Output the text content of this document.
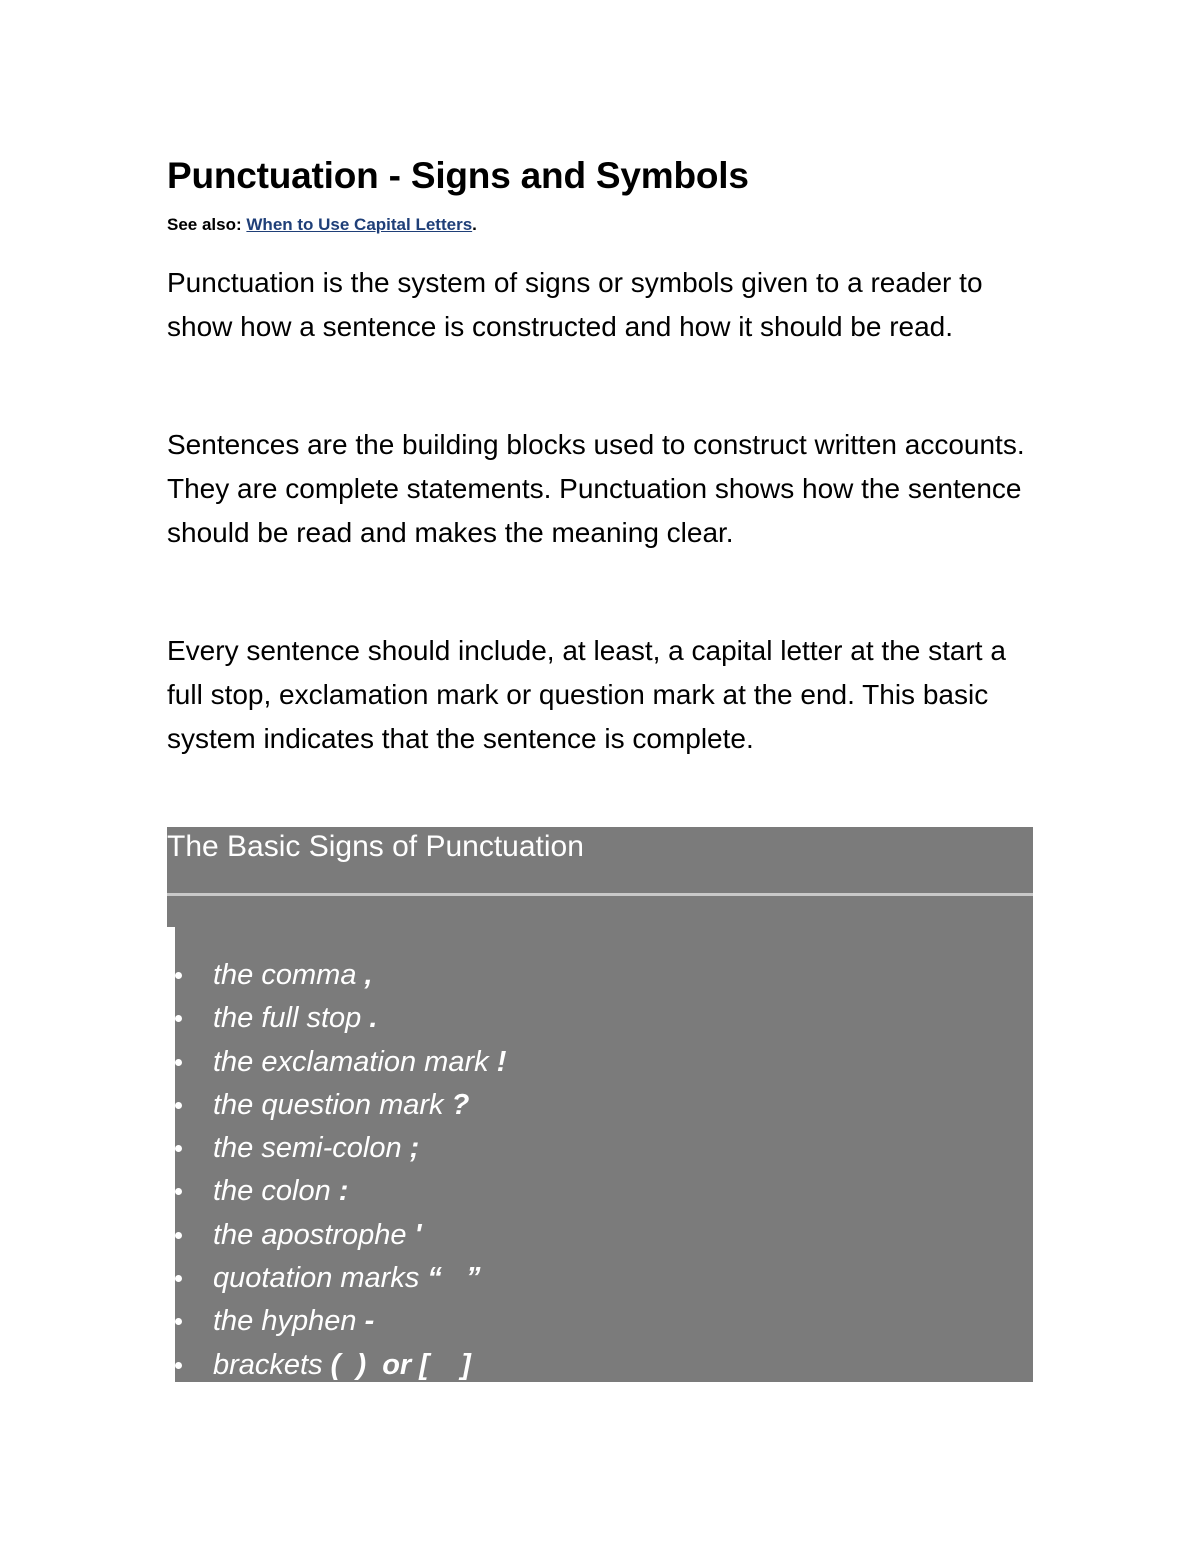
Punctuation - Signs and Symbols

See also: When to Use Capital Letters.

Punctuation is the system of signs or symbols given to a reader to show how a sentence is constructed and how it should be read.

Sentences are the building blocks used to construct written accounts. They are complete statements. Punctuation shows how the sentence should be read and makes the meaning clear.

Every sentence should include, at least, a capital letter at the start a full stop, exclamation mark or question mark at the end. This basic system indicates that the sentence is complete.

The Basic Signs of Punctuation

the comma ,
the full stop .
the exclamation mark !
the question mark ?
the semi-colon ;
the colon :
the apostrophe '
quotation marks “   ”
the hyphen -
brackets (  )  or [    ]
